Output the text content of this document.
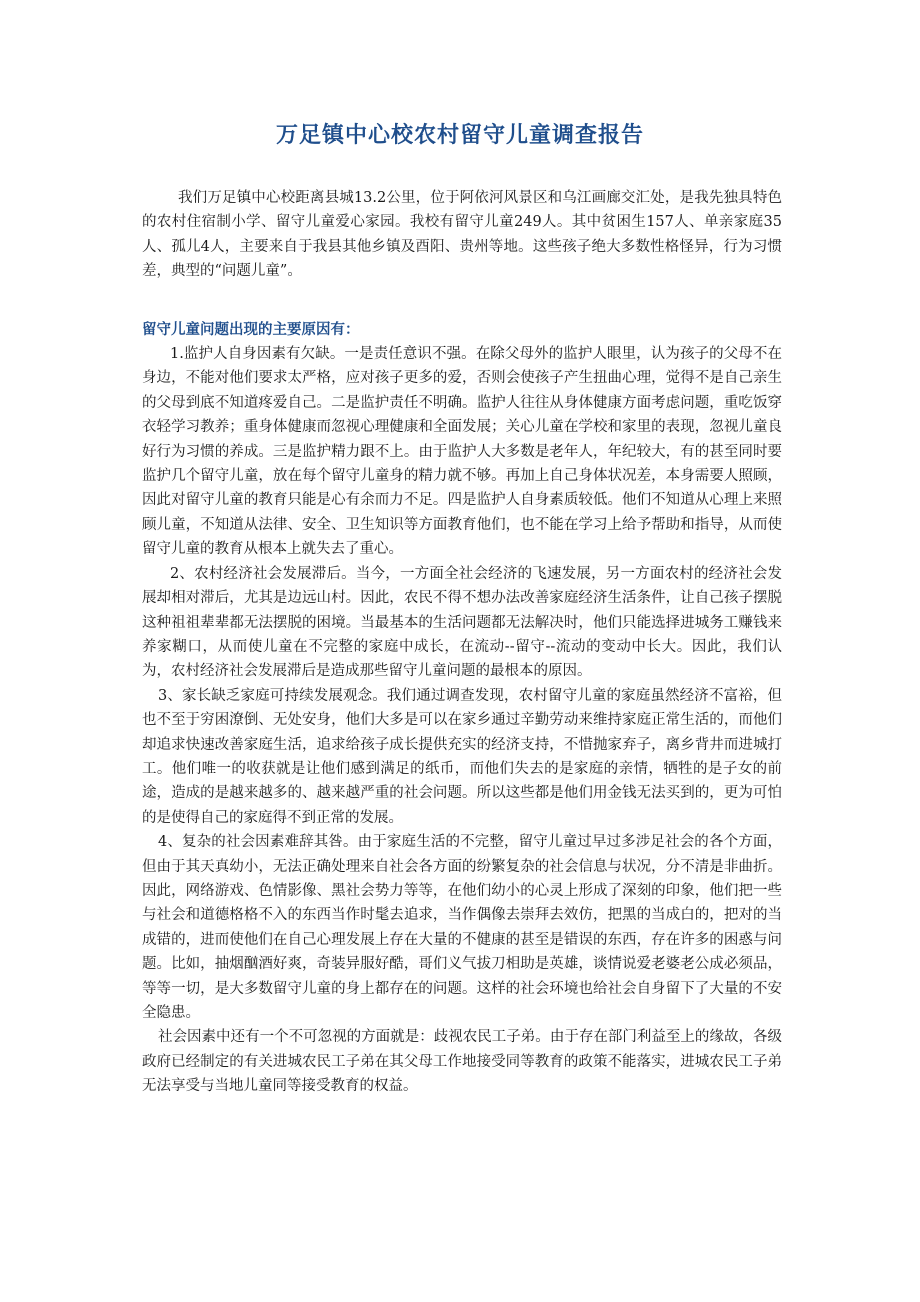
万足镇中心校农村留守儿童调查报告

我们万足镇中心校距离县城13.2公里，位于阿依河风景区和乌江画廊交汇处，是我先独具特色的农村住宿制小学、留守儿童爱心家园。我校有留守儿童249人。其中贫困生157人、单亲家庭35人、孤儿4人，主要来自于我县其他乡镇及酉阳、贵州等地。这些孩子绝大多数性格怪异，行为习惯差，典型的“问题儿童”。

留守儿童问题出现的主要原因有：

1.监护人自身因素有欠缺。一是责任意识不强。在除父母外的监护人眼里，认为孩子的父母不在身边，不能对他们要求太严格，应对孩子更多的爱，否则会使孩子产生扭曲心理，觉得不是自己亲生的父母到底不知道疼爱自己。二是监护责任不明确。监护人往往从身体健康方面考虑问题，重吃饭穿衣轻学习教养；重身体健康而忽视心理健康和全面发展；关心儿童在学校和家里的表现，忽视儿童良好行为习惯的养成。三是监护精力跟不上。由于监护人大多数是老年人，年纪较大，有的甚至同时要监护几个留守儿童，放在每个留守儿童身的精力就不够。再加上自己身体状况差，本身需要人照顾，因此对留守儿童的教育只能是心有余而力不足。四是监护人自身素质较低。他们不知道从心理上来照顾儿童，不知道从法律、安全、卫生知识等方面教育他们，也不能在学习上给予帮助和指导，从而使留守儿童的教育从根本上就失去了重心。

2、农村经济社会发展滞后。当今，一方面全社会经济的飞速发展，另一方面农村的经济社会发展却相对滞后，尤其是边远山村。因此，农民不得不想办法改善家庭经济生活条件，让自己孩子摆脱这种祖祖辈辈都无法摆脱的困境。当最基本的生活问题都无法解决时，他们只能选择进城务工赚钱来养家糊口，从而使儿童在不完整的家庭中成长，在流动--留守--流动的变动中长大。因此，我们认为，农村经济社会发展滞后是造成那些留守儿童问题的最根本的原因。

3、家长缺乏家庭可持续发展观念。我们通过调查发现，农村留守儿童的家庭虽然经济不富裕，但也不至于穷困潦倒、无处安身，他们大多是可以在家乡通过辛勤劳动来维持家庭正常生活的，而他们却追求快速改善家庭生活，追求给孩子成长提供充实的经济支持，不惜抛家弃子，离乡背井而进城打工。他们唯一的收获就是让他们感到满足的纸币，而他们失去的是家庭的亲情，牺牲的是子女的前途，造成的是越来越多的、越来越严重的社会问题。所以这些都是他们用金钱无法买到的，更为可怕的是使得自己的家庭得不到正常的发展。

4、复杂的社会因素难辞其咎。由于家庭生活的不完整，留守儿童过早过多涉足社会的各个方面，但由于其天真幼小，无法正确处理来自社会各方面的纷繁复杂的社会信息与状况，分不清是非曲折。因此，网络游戏、色情影像、黑社会势力等等，在他们幼小的心灵上形成了深刻的印象，他们把一些与社会和道德格格不入的东西当作时髦去追求，当作偶像去崇拜去效仿，把黑的当成白的，把对的当成错的，进而使他们在自己心理发展上存在大量的不健康的甚至是错误的东西，存在许多的困惑与问题。比如，抽烟酗酒好爽，奇装异服好酷，哥们义气拔刀相助是英雄，谈情说爱老婆老公成必须品，等等一切，是大多数留守儿童的身上都存在的问题。这样的社会环境也给社会自身留下了大量的不安全隐患。

社会因素中还有一个不可忽视的方面就是：歧视农民工子弟。由于存在部门利益至上的缘故，各级政府已经制定的有关进城农民工子弟在其父母工作地接受同等教育的政策不能落实，进城农民工子弟无法享受与当地儿童同等接受教育的权益。
